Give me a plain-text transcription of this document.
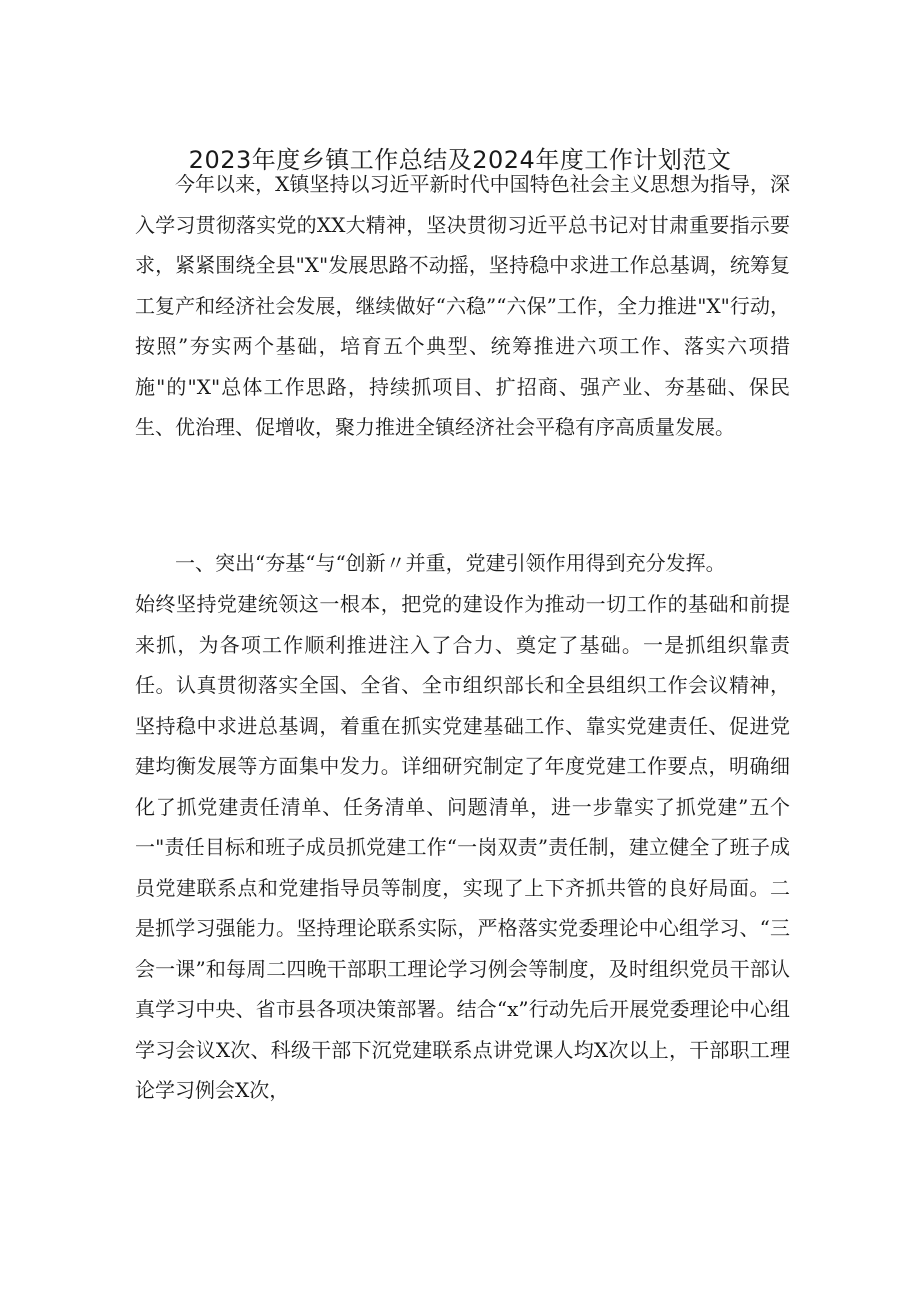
2023年度乡镇工作总结及2024年度工作计划范文

今年以来，X镇坚持以习近平新时代中国特色社会主义思想为指导，深入学习贯彻落实党的XX大精神，坚决贯彻习近平总书记对甘肃重要指示要求，紧紧围绕全县"X"发展思路不动摇，坚持稳中求进工作总基调，统筹复工复产和经济社会发展，继续做好“六稳”“六保”工作，全力推进"X"行动，按照”夯实两个基础，培育五个典型、统筹推进六项工作、落实六项措施"的"X"总体工作思路，持续抓项目、扩招商、强产业、夯基础、保民生、优治理、促增收，聚力推进全镇经济社会平稳有序高质量发展。

一、突出“夯基“与“创新〃并重，党建引领作用得到充分发挥。

始终坚持党建统领这一根本，把党的建设作为推动一切工作的基础和前提来抓，为各项工作顺利推进注入了合力、奠定了基础。一是抓组织靠责任。认真贯彻落实全国、全省、全市组织部长和全县组织工作会议精神，坚持稳中求进总基调，着重在抓实党建基础工作、靠实党建责任、促进党建均衡发展等方面集中发力。详细研究制定了年度党建工作要点，明确细化了抓党建责任清单、任务清单、问题清单，进一步靠实了抓党建”五个一"责任目标和班子成员抓党建工作“一岗双责”责任制，建立健全了班子成员党建联系点和党建指导员等制度，实现了上下齐抓共管的良好局面。二是抓学习强能力。坚持理论联系实际，严格落实党委理论中心组学习、“三会一课”和每周二四晚干部职工理论学习例会等制度，及时组织党员干部认真学习中央、省市县各项决策部署。结合“x”行动先后开展党委理论中心组学习会议X次、科级干部下沉党建联系点讲党课人均X次以上，干部职工理论学习例会X次，
